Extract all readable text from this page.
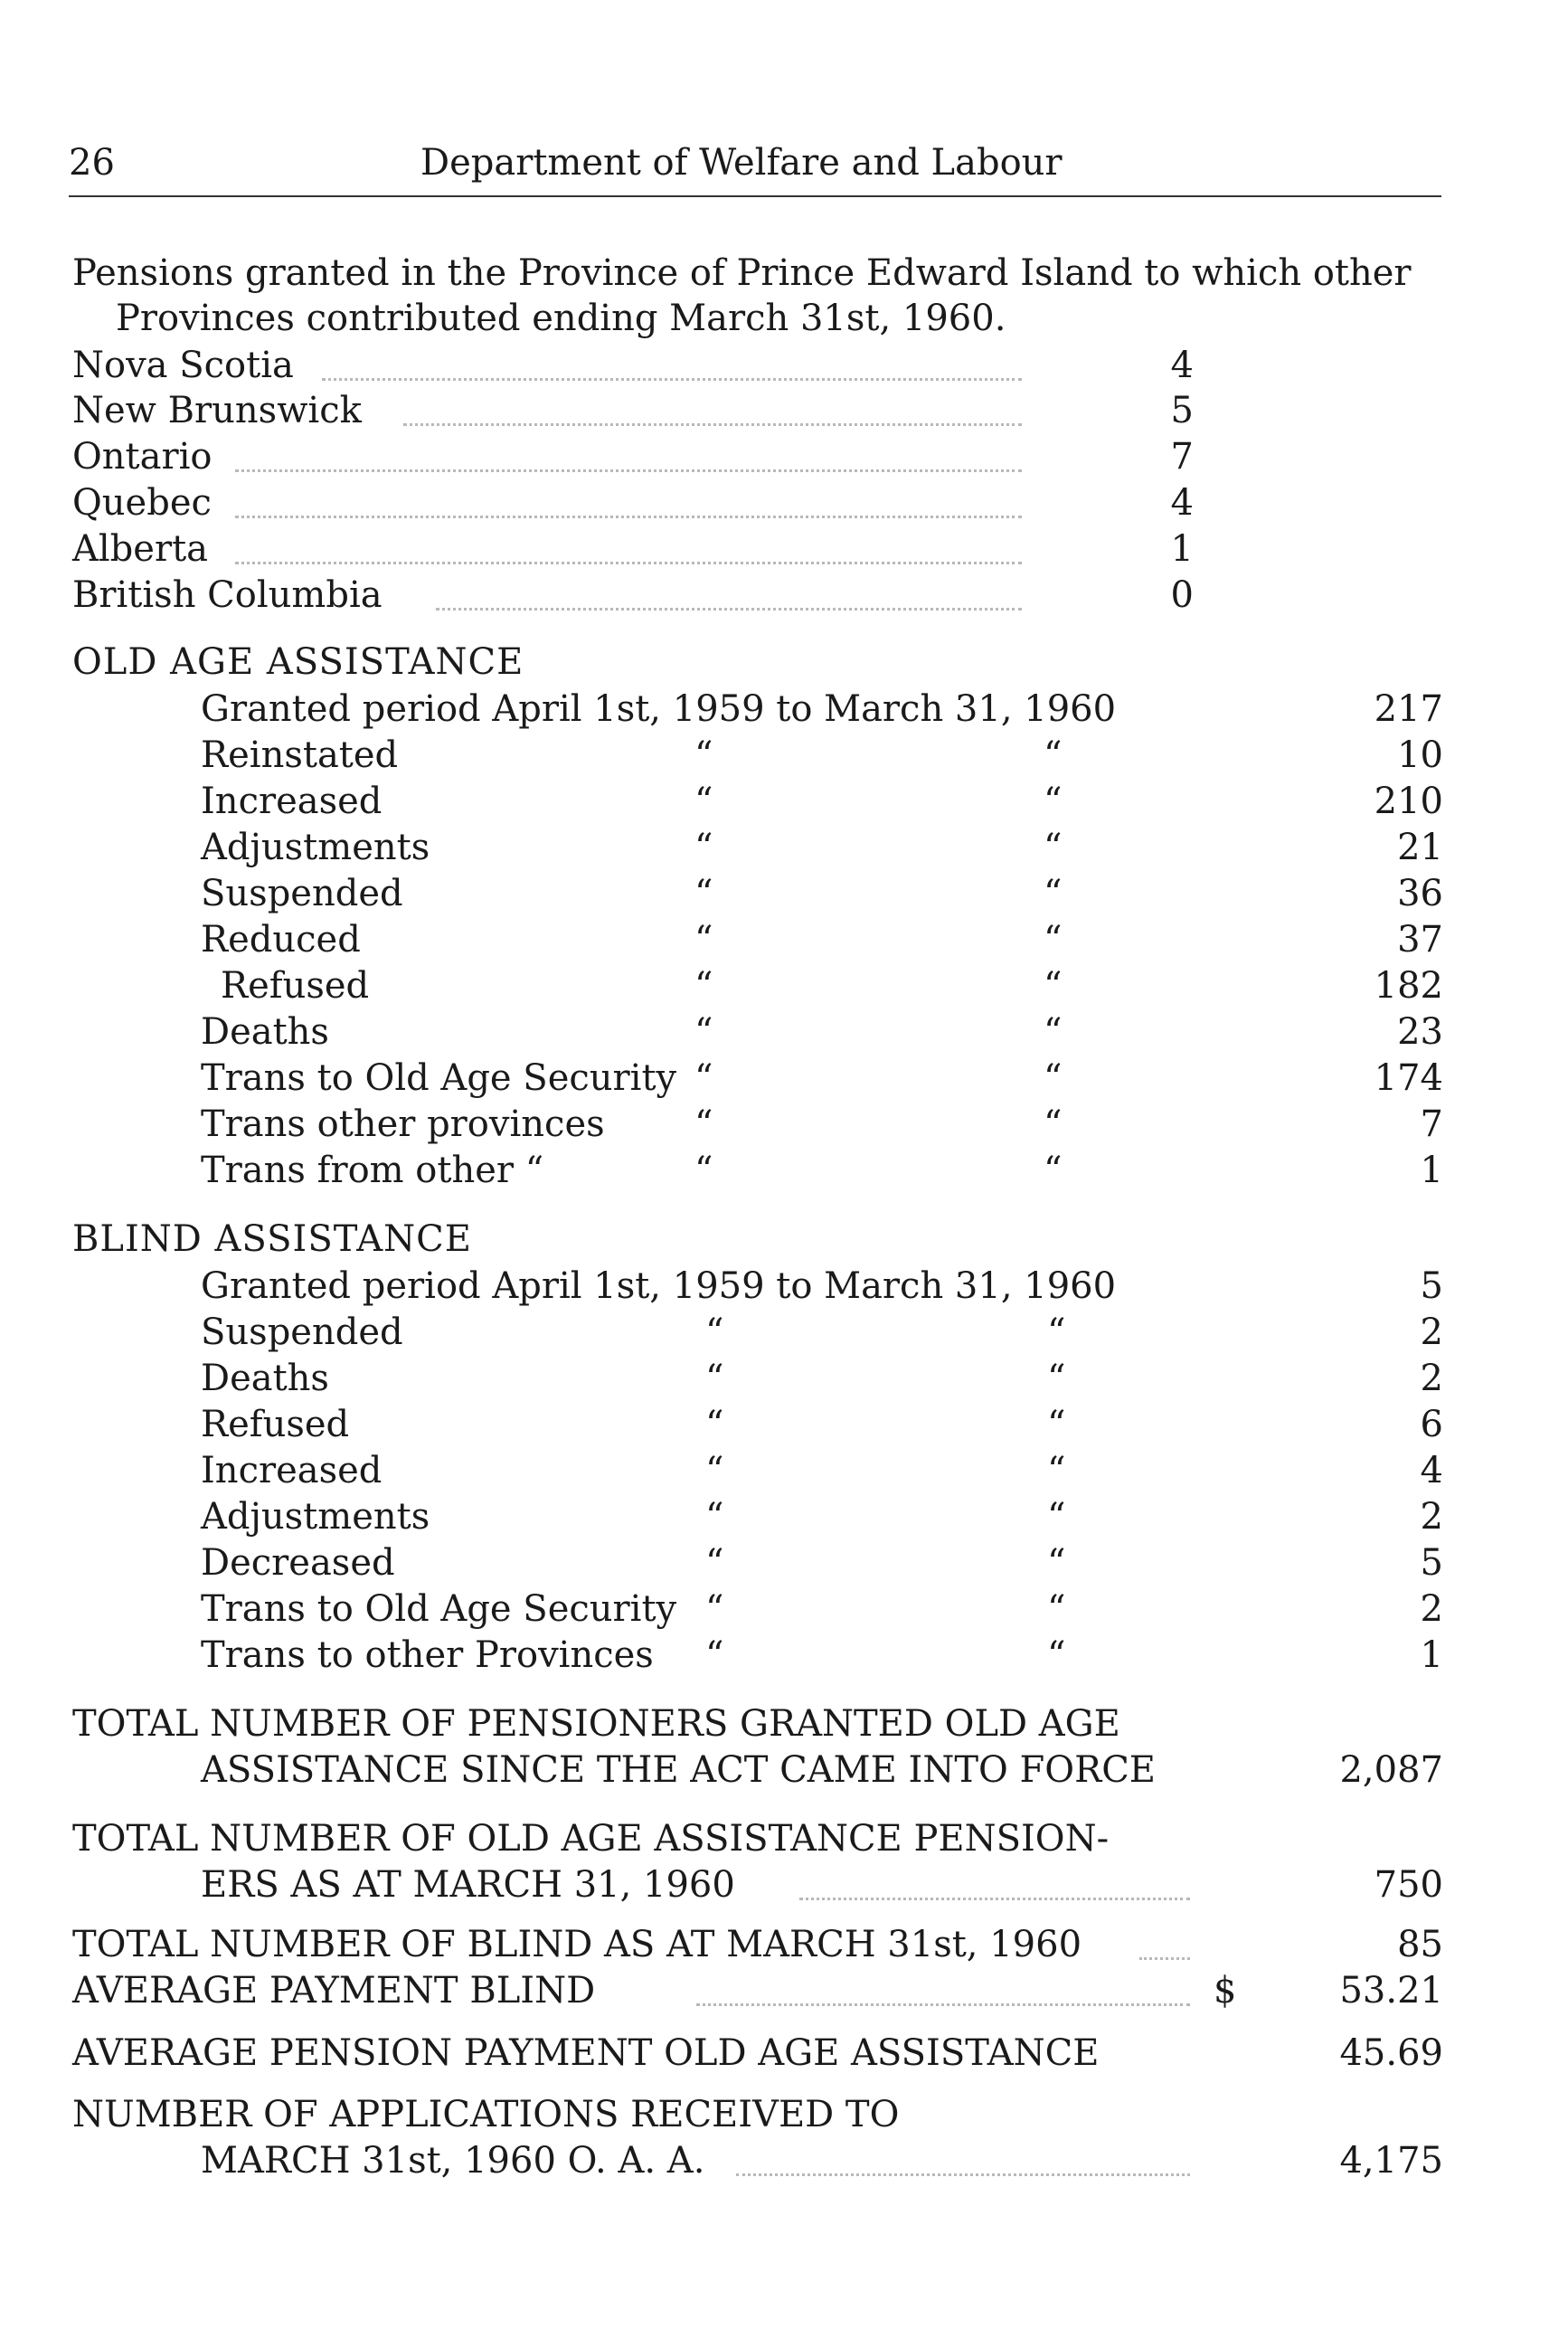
26	Department of Welfare and Labour
Pensions granted in the Province of Prince Edward Island to which other
Provinces contributed ending March 31st, 1960.
Nova Scotia	4
New Brunswick	5
Ontario	7
Quebec	4
Alberta	1
British Columbia	0
OLD AGE ASSISTANCE
Granted period April 1st, 1959 to March 31, 1960	217
Reinstated	“	“	10
Increased	“	“	210
Adjustments	“	“	21
Suspended	“	“	36
Reduced	“	“	37
Refused	“	“	182
Deaths	“	“	23
Trans to Old Age Security “	“	174
Trans other provinces “	“	7
Trans from other “	“	“	1
BLIND ASSISTANCE
Granted period April 1st, 1959 to March 31, 1960	5
Suspended	“	“	2
Deaths	“	“	2
Refused	“	“	6
Increased	“	“	4
Adjustments	“	“	2
Decreased	“	“	5
Trans to Old Age Security “	“	2
Trans to other Provinces “	“	1
TOTAL NUMBER OF PENSIONERS GRANTED OLD AGE
ASSISTANCE SINCE THE ACT CAME INTO FORCE	2,087
TOTAL NUMBER OF OLD AGE ASSISTANCE PENSION-
ERS AS AT MARCH 31, 1960	750
TOTAL NUMBER OF BLIND AS AT MARCH 31st, 1960	85
AVERAGE PAYMENT BLIND	$	53.21
AVERAGE PENSION PAYMENT OLD AGE ASSISTANCE	45.69
NUMBER OF APPLICATIONS RECEIVED TO
MARCH 31st, 1960 O. A. A.	4,175
